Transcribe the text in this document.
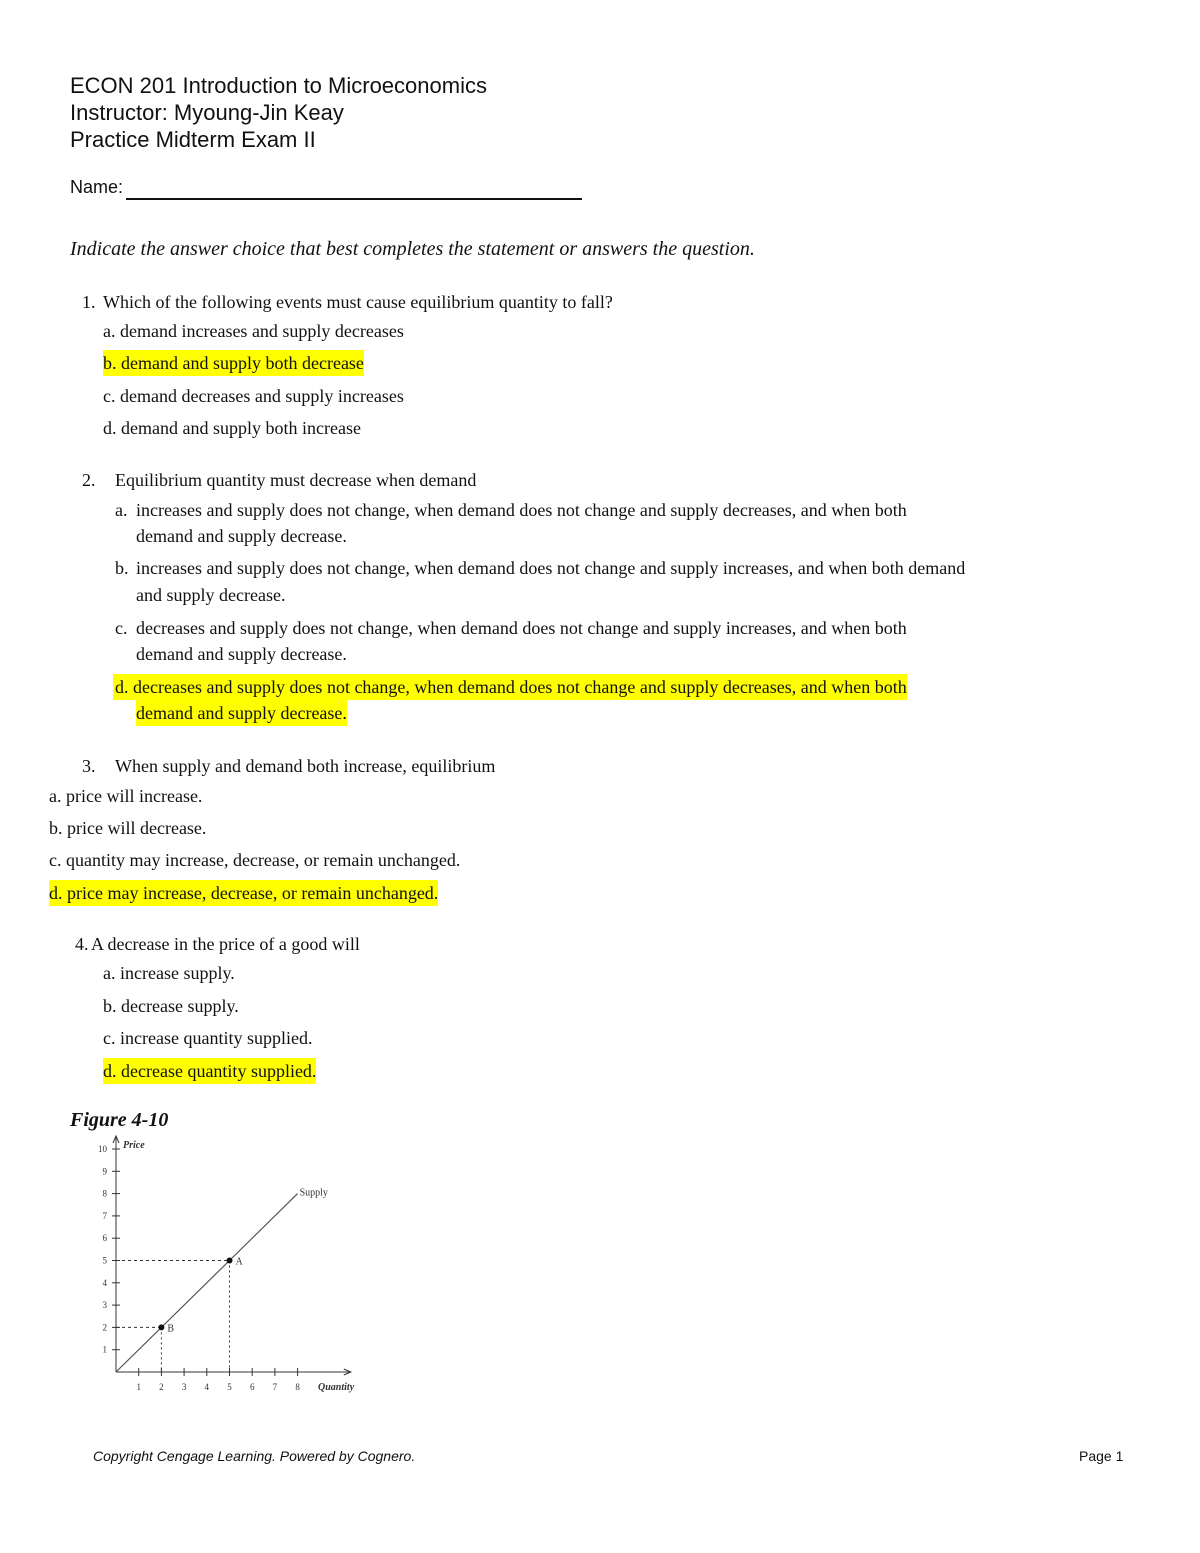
ECON 201 Introduction to Microeconomics
Instructor: Myoung-Jin Keay
Practice Midterm Exam II
Name:
Indicate the answer choice that best completes the statement or answers the question.
1. Which of the following events must cause equilibrium quantity to fall?
a. demand increases and supply decreases
b. demand and supply both decrease
c. demand decreases and supply increases
d. demand and supply both increase
2. Equilibrium quantity must decrease when demand
a. increases and supply does not change, when demand does not change and supply decreases, and when both
demand and supply decrease.
b. increases and supply does not change, when demand does not change and supply increases, and when both demand
and supply decrease.
c. decreases and supply does not change, when demand does not change and supply increases, and when both
demand and supply decrease.
d. decreases and supply does not change, when demand does not change and supply decreases, and when both
demand and supply decrease.
3. When supply and demand both increase, equilibrium
a. price will increase.
b. price will decrease.
c. quantity may increase, decrease, or remain unchanged.
d. price may increase, decrease, or remain unchanged.
4. A decrease in the price of a good will
a. increase supply.
b. decrease supply.
c. increase quantity supplied.
d. decrease quantity supplied.
Figure 4-10
1
2
3
4
5
6
7
8
9
10
1 2 3 4 5 6 7 8
Price
Quantity
Supply
A
B
Copyright Cengage Learning. Powered by Cognero.	Page 1
